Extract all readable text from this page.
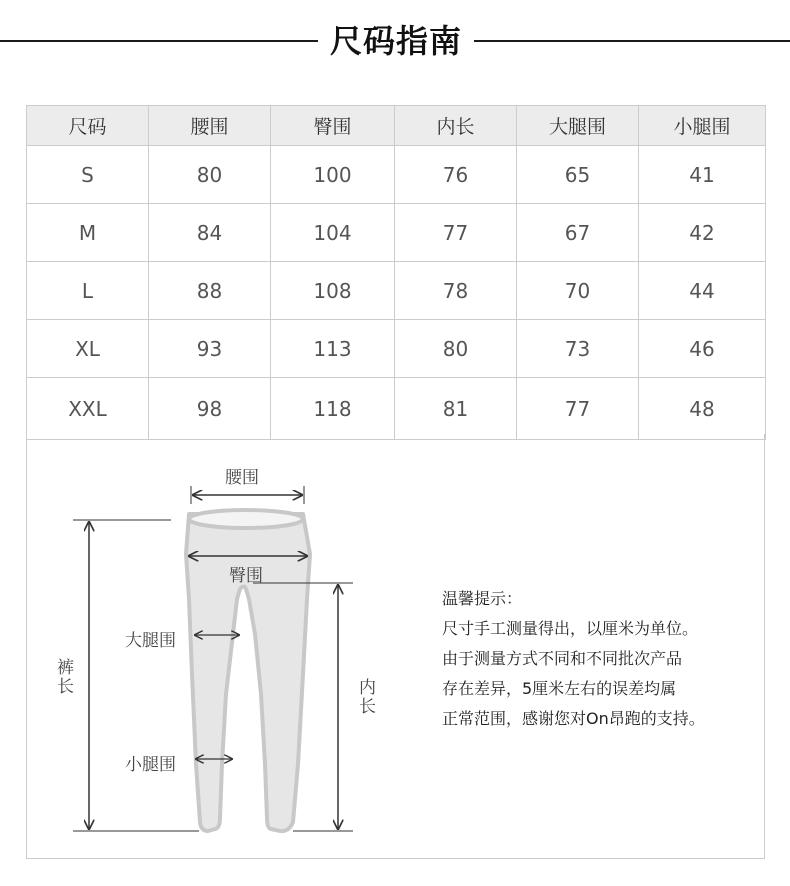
尺码指南
尺码	腰围	臀围	内长	大腿围	小腿围
S	80	100	76	65	41
M	84	104	77	67	42
L	88	108	78	70	44
XL	93	113	80	73	46
XXL	98	118	81	77	48
腰围
臀围
大腿围
小腿围
裤长
内长

温馨提示：

尺寸手工测量得出，以厘米为单位。

由于测量方式不同和不同批次产品

存在差异，5厘米左右的误差均属

正常范围，感谢您对On昂跑的支持。
